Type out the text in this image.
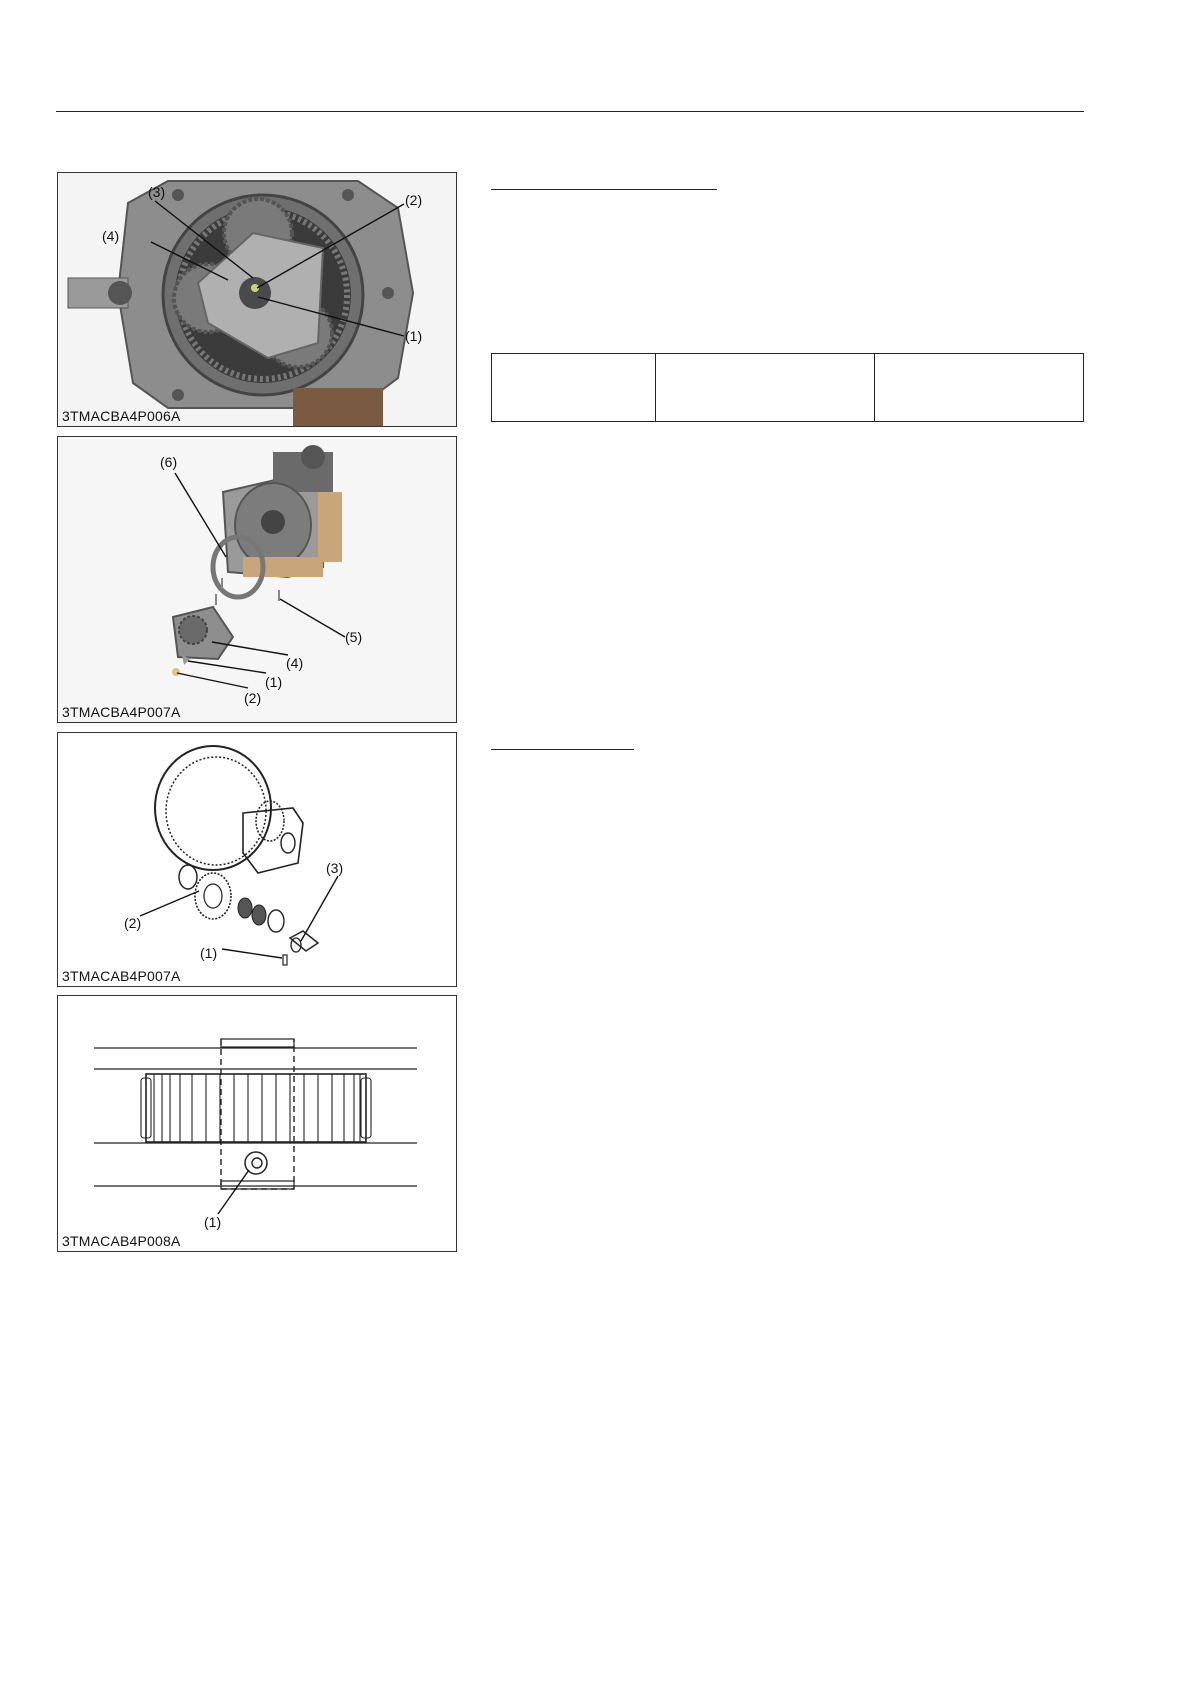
(3)
(4)
(2)
(1)
3TMACBA4P006A
(6)
(5)
(4)
(1)
(2)
3TMACBA4P007A
(2)
(3)
(1)
3TMACAB4P007A
(1)
3TMACAB4P008A
